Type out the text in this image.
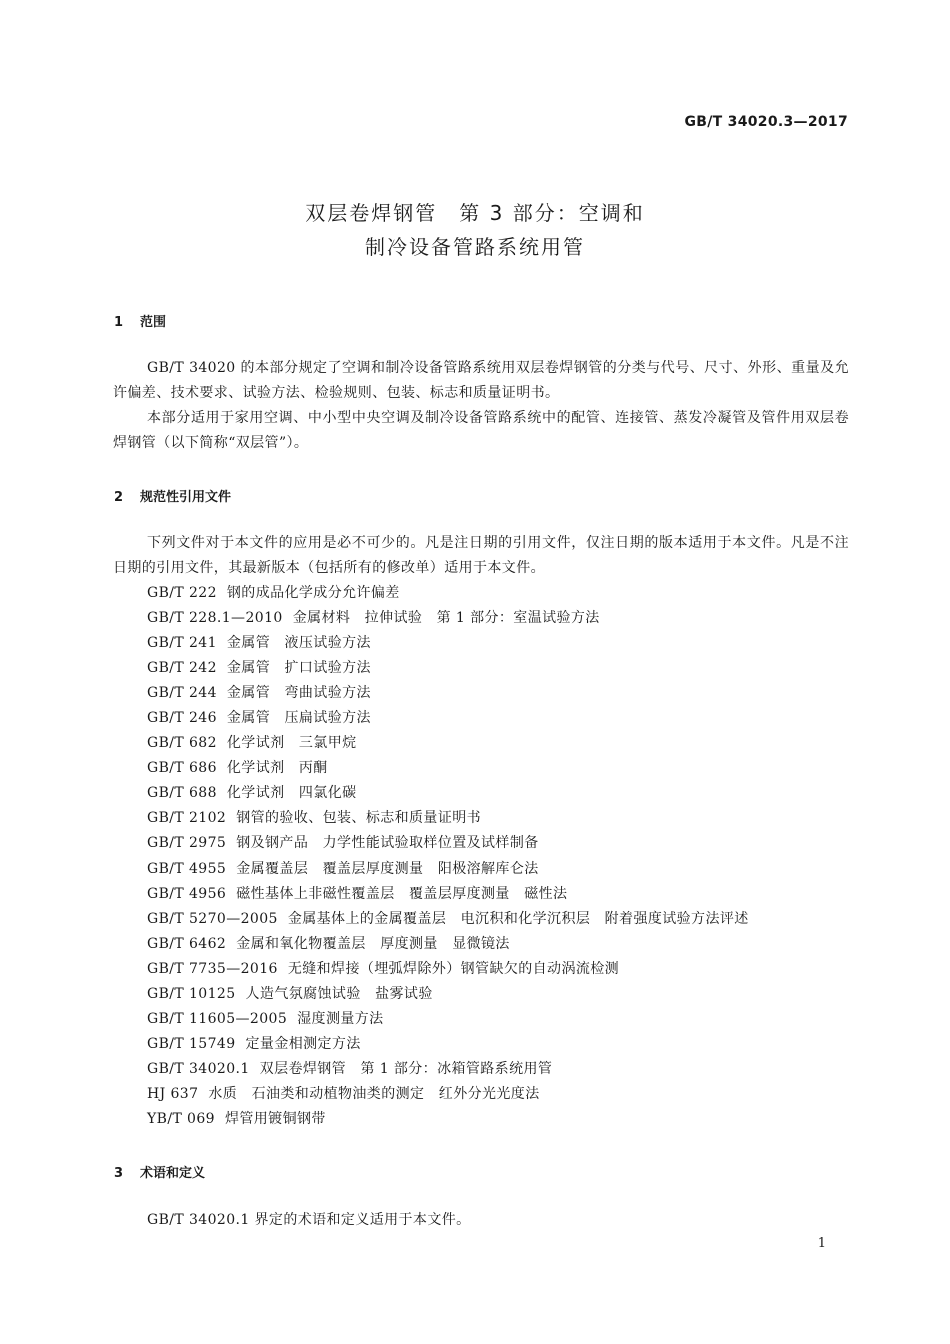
GB/T 34020.3—2017
双层卷焊钢管　第 3 部分：空调和
制冷设备管路系统用管
1 范围
GB/T 34020 的本部分规定了空调和制冷设备管路系统用双层卷焊钢管的分类与代号、尺寸、外形、重量及允许偏差、技术要求、试验方法、检验规则、包装、标志和质量证明书。
本部分适用于家用空调、中小型中央空调及制冷设备管路系统中的配管、连接管、蒸发冷凝管及管件用双层卷焊钢管（以下简称“双层管”）。
2 规范性引用文件
下列文件对于本文件的应用是必不可少的。凡是注日期的引用文件，仅注日期的版本适用于本文件。凡是不注日期的引用文件，其最新版本（包括所有的修改单）适用于本文件。
GB/T 222 钢的成品化学成分允许偏差
GB/T 228.1—2010 金属材料　拉伸试验　第 1 部分：室温试验方法
GB/T 241 金属管　液压试验方法
GB/T 242 金属管　扩口试验方法
GB/T 244 金属管　弯曲试验方法
GB/T 246 金属管　压扁试验方法
GB/T 682 化学试剂　三氯甲烷
GB/T 686 化学试剂　丙酮
GB/T 688 化学试剂　四氯化碳
GB/T 2102 钢管的验收、包装、标志和质量证明书
GB/T 2975 钢及钢产品　力学性能试验取样位置及试样制备
GB/T 4955 金属覆盖层　覆盖层厚度测量　阳极溶解库仑法
GB/T 4956 磁性基体上非磁性覆盖层　覆盖层厚度测量　磁性法
GB/T 5270—2005 金属基体上的金属覆盖层　电沉积和化学沉积层　附着强度试验方法评述
GB/T 6462 金属和氧化物覆盖层　厚度测量　显微镜法
GB/T 7735—2016 无缝和焊接（埋弧焊除外）钢管缺欠的自动涡流检测
GB/T 10125 人造气氛腐蚀试验　盐雾试验
GB/T 11605—2005 湿度测量方法
GB/T 15749 定量金相测定方法
GB/T 34020.1 双层卷焊钢管　第 1 部分：冰箱管路系统用管
HJ 637 水质　石油类和动植物油类的测定　红外分光光度法
YB/T 069 焊管用镀铜钢带
3 术语和定义
GB/T 34020.1 界定的术语和定义适用于本文件。
1
